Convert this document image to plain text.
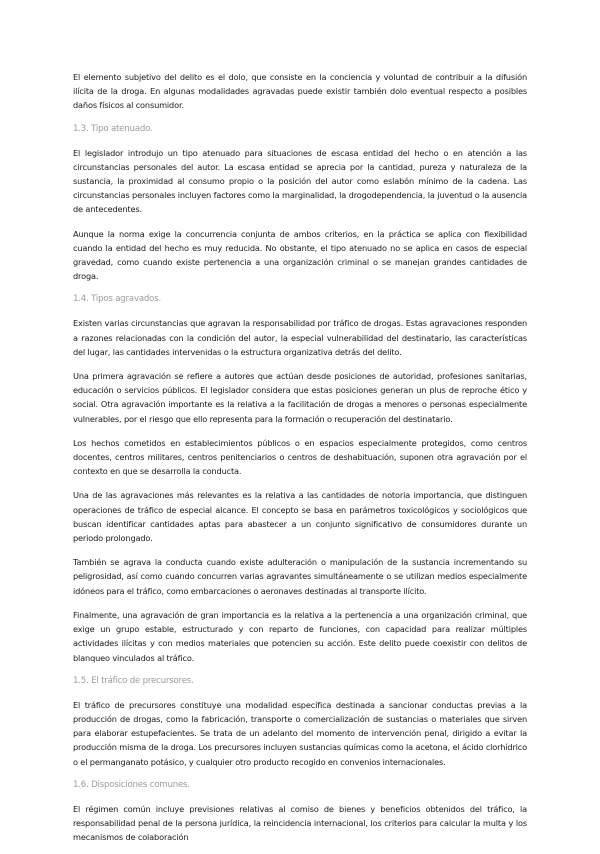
El elemento subjetivo del delito es el dolo, que consiste en la conciencia y voluntad de contribuir a la difusión ilícita de la droga. En algunas modalidades agravadas puede existir también dolo eventual respecto a posibles daños físicos al consumidor.

1.3. Tipo atenuado.

El legislador introdujo un tipo atenuado para situaciones de escasa entidad del hecho o en atención a las circunstancias personales del autor. La escasa entidad se aprecia por la cantidad, pureza y naturaleza de la sustancia, la proximidad al consumo propio o la posición del autor como eslabón mínimo de la cadena. Las circunstancias personales incluyen factores como la marginalidad, la drogodependencia, la juventud o la ausencia de antecedentes.

Aunque la norma exige la concurrencia conjunta de ambos criterios, en la práctica se aplica con flexibilidad cuando la entidad del hecho es muy reducida. No obstante, el tipo atenuado no se aplica en casos de especial gravedad, como cuando existe pertenencia a una organización criminal o se manejan grandes cantidades de droga.

1.4. Tipos agravados.

Existen varias circunstancias que agravan la responsabilidad por tráfico de drogas. Estas agravaciones responden a razones relacionadas con la condición del autor, la especial vulnerabilidad del destinatario, las características del lugar, las cantidades intervenidas o la estructura organizativa detrás del delito.

Una primera agravación se refiere a autores que actúan desde posiciones de autoridad, profesiones sanitarias, educación o servicios públicos. El legislador considera que estas posiciones generan un plus de reproche ético y social. Otra agravación importante es la relativa a la facilitación de drogas a menores o personas especialmente vulnerables, por el riesgo que ello representa para la formación o recuperación del destinatario.

Los hechos cometidos en establecimientos públicos o en espacios especialmente protegidos, como centros docentes, centros militares, centros penitenciarios o centros de deshabituación, suponen otra agravación por el contexto en que se desarrolla la conducta.

Una de las agravaciones más relevantes es la relativa a las cantidades de notoria importancia, que distinguen operaciones de tráfico de especial alcance. El concepto se basa en parámetros toxicológicos y sociológicos que buscan identificar cantidades aptas para abastecer a un conjunto significativo de consumidores durante un periodo prolongado.

También se agrava la conducta cuando existe adulteración o manipulación de la sustancia incrementando su peligrosidad, así como cuando concurren varias agravantes simultáneamente o se utilizan medios especialmente idóneos para el tráfico, como embarcaciones o aeronaves destinadas al transporte ilícito.

Finalmente, una agravación de gran importancia es la relativa a la pertenencia a una organización criminal, que exige un grupo estable, estructurado y con reparto de funciones, con capacidad para realizar múltiples actividades ilícitas y con medios materiales que potencien su acción. Este delito puede coexistir con delitos de blanqueo vinculados al tráfico.

1.5. El tráfico de precursores.

El tráfico de precursores constituye una modalidad específica destinada a sancionar conductas previas a la producción de drogas, como la fabricación, transporte o comercialización de sustancias o materiales que sirven para elaborar estupefacientes. Se trata de un adelanto del momento de intervención penal, dirigido a evitar la producción misma de la droga. Los precursores incluyen sustancias químicas como la acetona, el ácido clorhídrico o el permanganato potásico, y cualquier otro producto recogido en convenios internacionales.

1.6. Disposiciones comunes.

El régimen común incluye previsiones relativas al comiso de bienes y beneficios obtenidos del tráfico, la responsabilidad penal de la persona jurídica, la reincidencia internacional, los criterios para calcular la multa y los mecanismos de colaboración
